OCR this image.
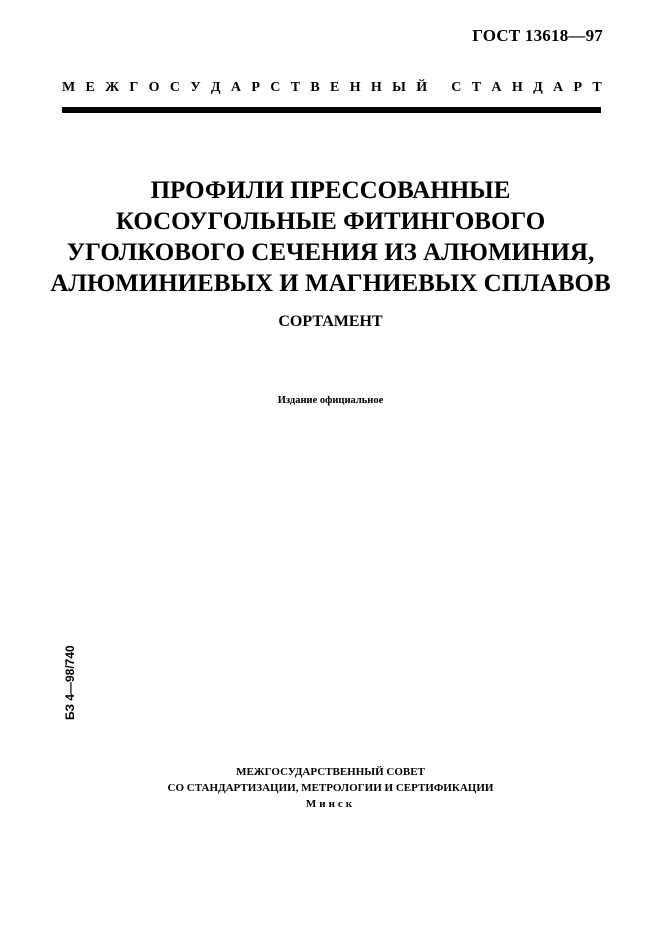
ГОСТ 13618—97
М Е Ж Г О С У Д А Р С Т В Е Н Н Ы Й
С Т А Н Д А Р Т
ПРОФИЛИ ПРЕССОВАННЫЕ
КОСОУГОЛЬНЫЕ ФИТИНГОВОГО
УГОЛКОВОГО СЕЧЕНИЯ ИЗ АЛЮМИНИЯ,
АЛЮМИНИЕВЫХ И МАГНИЕВЫХ СПЛАВОВ
СОРТАМЕНТ
Издание официальное
БЗ 4—98/740
МЕЖГОСУДАРСТВЕННЫЙ СОВЕТ
СО СТАНДАРТИЗАЦИИ, МЕТРОЛОГИИ И СЕРТИФИКАЦИИ
Минск
